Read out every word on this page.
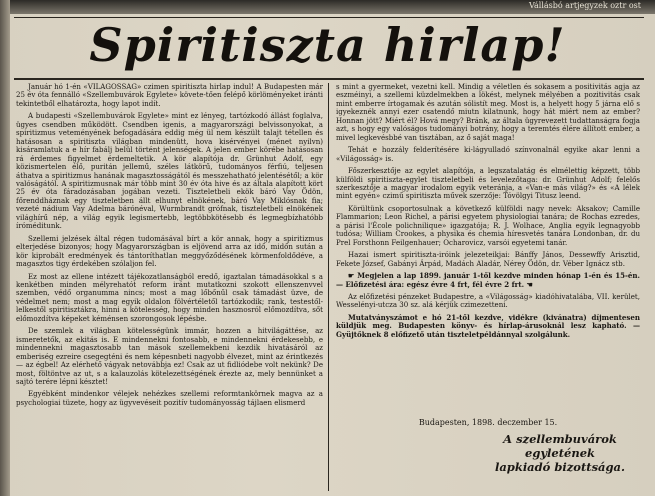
Vállásbó artjegyzek oztr ost
Spiritiszta hirlap!

Január hó 1-én «VILÁGOSSÁG» czimen spiritiszta hirlap indul! A Budapesten már 25 év óta fennálló «Szellembuvárok Egylete» követe-tően felépő körlöményeket iránti tekintetből elhatározta, hogy lapot indít.

A budapesti «Szellembuvárok Egylete» mint ez lényeg, tartózkodó állást foglalva, ügyes csendben működött. Csendben igenis, a magyarországi belvissonyokat, a spiritizmus veteményének befogadására eddig még ül nem készült talajt tétellen és hatásosan a spiritiszta világban mindenütt, hova kisérvényei (ménet nyilvn) kisáramlatuk a e hír fabálj belül történt jelenségek. A jelen ember körébe hatásosan rá érdemes figyelmet érdemeltetik. A kör alapítója dr. Grünhut Adolf, egy közismertelen élő, puritán jellemű, széles látkörű, tudományos férfiú, teljesen áthatva a spiritizmus hanának magasztosságától és messzehatható jelentésétől; a kör valóságától. A spiritizmusnak már több mint 30 év óta hive és az általa alapított kört 25 év óta fáradozásaban jogában vezeti. Tiszteletbeli ekök báró Vay Ödön, főrenddháznak egy tiszteletben állt elhunyt elnökének, báró Vay Miklósnak fia; vezeté nádium Vay Adelma bárónéval, Wurmbrandt grófnak, tiszteletbeli elnökének világhírű nép, a világ egyik legismertebb, legtöbbkötésebb és legmegbízhatóbb íróméditunk.

Szellemi jelzések által régen tudomásával bírt a kör annak, hogy a spiritizmus elterjedése bizonyos; hogy Magyarországban is eljövend arra az idő, midőn sután a kör kiprobált eredmények és tántoríthatlan meggyőződésének körmenfoldődéve, a magasztos tigy érdekében szólaljon fel.

Ez most az ellene intézett tájékozatlanságból eredő, igaztalan támadásokkal s a kenkétben minden mélyrehatót reform iránt mutatkozni szokott ellenszenvvel szemben, védő organumma nincs; most a mag lőbőnűl csak támadást üzve, de védelmet nem; most a mag egyik oldalon fölvértéletől tartózkodik; rank, testestől-lelkestől spiritisztákra, hinni a kötelesség, hogy minden hasznosról előmozdítva, sőt előmozdítva képeket kéménsen szorongosok lépésbe.

De szemlek a világban kötelességünk immár, hozzen a hitvilágáttése, az ismeretetők, az ekitás is. E mindennekni fontosabb, e mindennekni érdekesebb, e mindennekni magasztosabb tan mások szellemekbeni kezdik hivatásáról az emberiség ezreire csegegténi és nem képesnbeti nagyobb élvezet, mint az érintkezés — az égbel! Az elérhető vágyak netovábbja ez! Csak az ut fidliódebe volt nekünk? De most, föltöntve az ut, s a kalauzolás kötelezettségének érezte az, mely bennünket a sajtó terére lépni késztet!

Egyébként mindenkor vélejek nehézkes szellemi reformtankörnek magva az a psychologiai tüzete, hogy az ügyvevéseit pozitív tudományosság tájlaen elismerd

s mint a gyermeket, vezetni kell. Mindig a véletlen és sokasem a positivitás agja az eszméinyi, a szellemi küzdelmekben a lökést, melynek mélyében a pozitivitás csak mint emberre írtogamak és azután sólistít meg. Most is, a helyett hogy 5 járna elő s igyekeznék annyi ezer csatendő miutn kilatnunk, hogy hát miért nem az ember? Honnan jött? Miért él? Hová megy? Bránk, az általa ügyrevezett tudattanságra fogja azt, s hogy egy valóságos tudományi botrány, hogy a teremtés élére állított ember, a mivel legkevésbbé van tisztában, az ő saját maga!

Tehát e hozzály felderítésére ki-lágyulladó színvonalnál egyike akar lenni a «Világosság» is.

Főszerkesztője az egylet alapítója, a legszatalatág és elmélettig képzett, több külföldi spiritiszta-egylet tiszteletbeli és levelezőtaga: dr. Grünhut Adolf; felelős szerkesztője a magyar irodalom egyik veteránja, a «Van-e más világ?» és «A lélek mint egyén» czimű spiritiszta művek szerzője: Tóvölgyi Titusz leend.

Körültünk csoportosulnak a következő külföldi nagy nevek: Aksakov; Camille Flammarion; Leon Richel, a párisi egyetem physiologiai tanára; de Rochas ezredes, a párisi l'École polichnilique» igazgatója; R. J. Wolhace, Anglia egyik legnagyobb tudósa; William Crookes, a physika és chemia híresvetés tanára Londonban, dr. du Prel Forsthonn Feilgenhauer; Ocharovicz, varsói egyetemi tanár.

Hazai ismert spiritiszta-iróink jelezeteikjai: Bánffy János, Dessewffy Arisztid, Fekete József, Gabányi Árpád, Madách Aladár, Nérey Ödön, dr. Véber Ignácz stb.

☛ Megjelen a lap 1899. január 1-től kezdve minden hónap 1-én és 15-én. — Előfizetési ára: egész évre 4 frt, fél évre 2 frt. ☚

Az előfizetési pénzeket Budapestre, a «Világosság» kiadóhivatalába, VII. kerület, Wesselényi-utcza 30 sz. alá kérjük czimezetteni.

Mutatványszámot e hó 21-től kezdve, vidékre (kivánatra) díjmentesen küldjük meg. Budapesten könyv- és hírlap-árusoknál lesz kapható. — Gyüjtőknek 8 előfizető után tiszteletpéldánnyal szolgálunk.

Budapesten, 1898. deczember 15.
A szellembuvárok egyletének
lapkiadó bizottsága.
